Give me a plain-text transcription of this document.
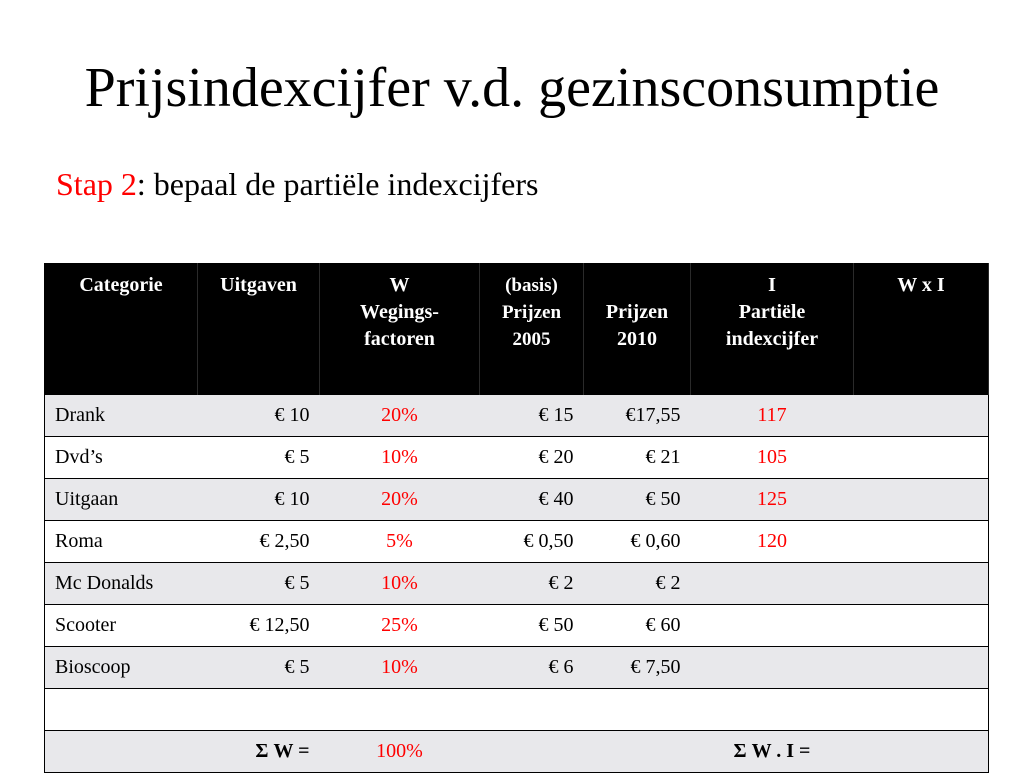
Prijsindexcijfer v.d. gezinsconsumptie
Stap 2: bepaal de partiële indexcijfers
Categorie	Uitgaven	W
Wegings-
factoren	(basis)
Prijzen
2005	Prijzen
2010	I
Partiële
indexcijfer	W x I
Drank	€ 10	20%	€ 15	€17,55	117	
Dvd’s	€ 5	10%	€ 20	€ 21	105	
Uitgaan	€ 10	20%	€ 40	€ 50	125	
Roma	€ 2,50	5%	€ 0,50	€ 0,60	120	
Mc Donalds	€ 5	10%	€ 2	€ 2		
Scooter	€ 12,50	25%	€ 50	€ 60		
Bioscoop	€ 5	10%	€ 6	€ 7,50		

	Σ W =	100%			Σ W . I =	
